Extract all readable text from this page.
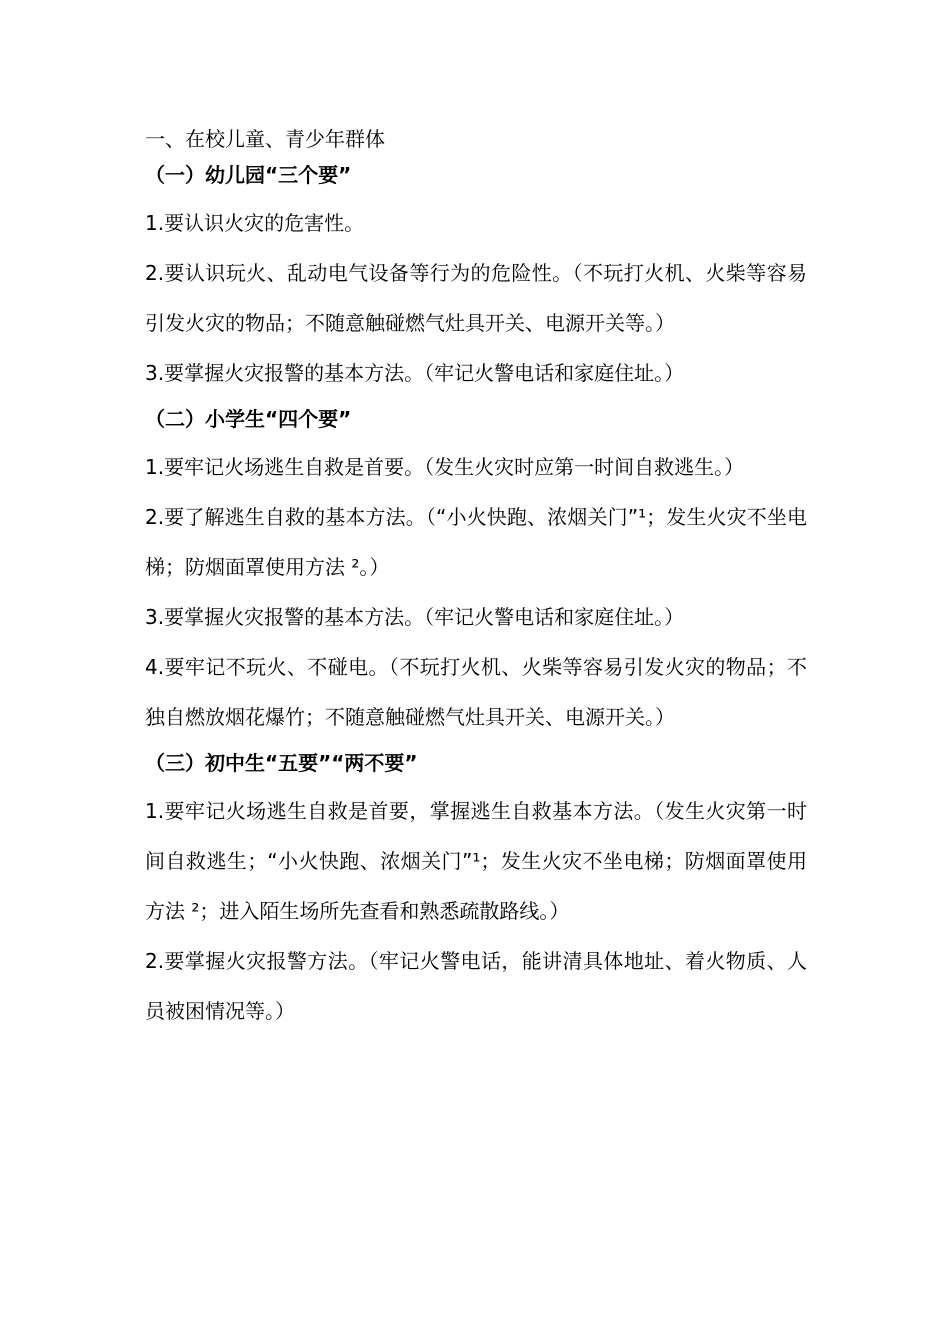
一、在校儿童、青少年群体

（一）幼儿园“三个要”

1.要认识火灾的危害性。

2.要认识玩火、乱动电气设备等行为的危险性。（不玩打火机、火柴等容易引发火灾的物品；不随意触碰燃气灶具开关、电源开关等。）

3.要掌握火灾报警的基本方法。（牢记火警电话和家庭住址。）

（二）小学生“四个要”

1.要牢记火场逃生自救是首要。（发生火灾时应第一时间自救逃生。）

2.要了解逃生自救的基本方法。（“小火快跑、浓烟关门”¹；发生火灾不坐电梯；防烟面罩使用方法 ²。）

3.要掌握火灾报警的基本方法。（牢记火警电话和家庭住址。）

4.要牢记不玩火、不碰电。（不玩打火机、火柴等容易引发火灾的物品；不独自燃放烟花爆竹；不随意触碰燃气灶具开关、电源开关。）

（三）初中生“五要”“两不要”

1.要牢记火场逃生自救是首要，掌握逃生自救基本方法。（发生火灾第一时间自救逃生；“小火快跑、浓烟关门”¹；发生火灾不坐电梯；防烟面罩使用方法 ²；进入陌生场所先查看和熟悉疏散路线。）

2.要掌握火灾报警方法。（牢记火警电话，能讲清具体地址、着火物质、人员被困情况等。）
